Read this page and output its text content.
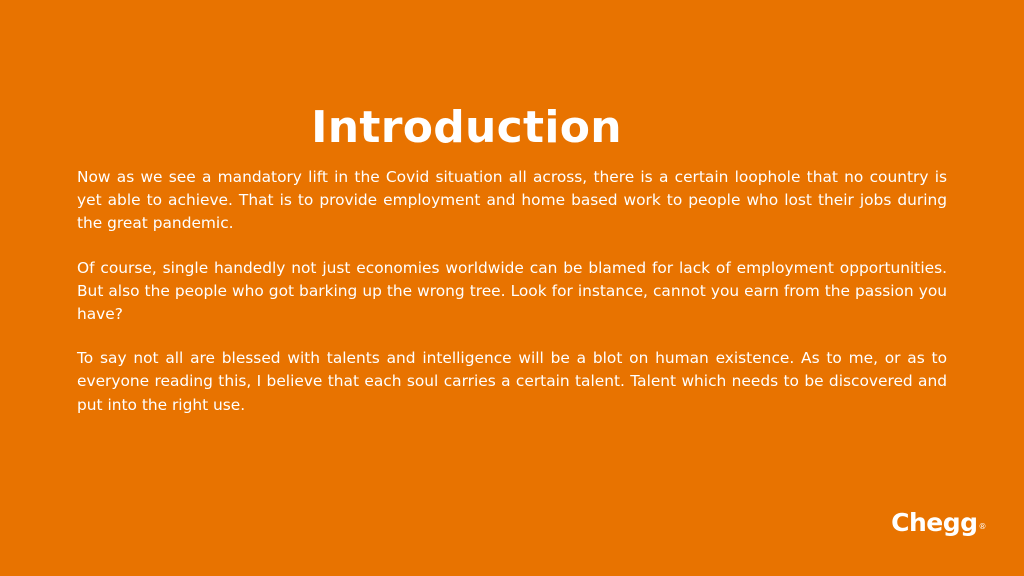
Introduction

Now as we see a mandatory lift in the Covid situation all across, there is a certain loophole that no country is yet able to achieve. That is to provide employment and home based work to people who lost their jobs during the great pandemic.

Of course, single handedly not just economies worldwide can be blamed for lack of employment opportunities. But also the people who got barking up the wrong tree. Look for instance, cannot you earn from the passion you have?

To say not all are blessed with talents and intelligence will be a blot on human existence. As to me, or as to everyone reading this, I believe that each soul carries a certain talent. Talent which needs to be discovered and put into the right use.

Chegg®
